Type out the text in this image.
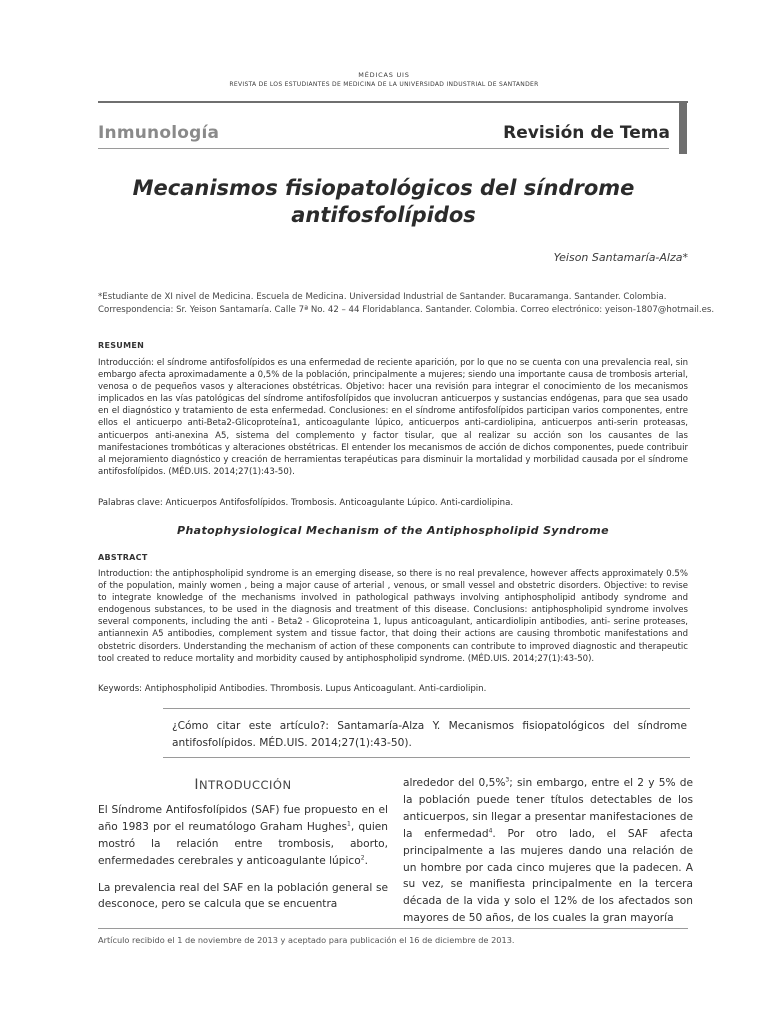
MÉDICAS UIS
REVISTA DE LOS ESTUDIANTES DE MEDICINA DE LA UNIVERSIDAD INDUSTRIAL DE SANTANDER
Inmunología	Revisión de Tema
Mecanismos fisiopatológicos del síndrome antifosfolípidos
Yeison Santamaría-Alza*
*Estudiante de XI nivel de Medicina. Escuela de Medicina. Universidad Industrial de Santander. Bucaramanga. Santander. Colombia.
Correspondencia: Sr. Yeison Santamaría. Calle 7ª No. 42 – 44 Floridablanca. Santander. Colombia. Correo electrónico: yeison-1807@hotmail.es.
RESUMEN
Introducción: el síndrome antifosfolípidos es una enfermedad de reciente aparición, por lo que no se cuenta con una prevalencia real, sin embargo afecta aproximadamente a 0,5% de la población, principalmente a mujeres; siendo una importante causa de trombosis arterial, venosa o de pequeños vasos y alteraciones obstétricas. Objetivo: hacer una revisión para integrar el conocimiento de los mecanismos implicados en las vías patológicas del síndrome antifosfolípidos que involucran anticuerpos y sustancias endógenas, para que sea usado en el diagnóstico y tratamiento de esta enfermedad. Conclusiones: en el síndrome antifosfolípidos participan varios componentes, entre ellos el anticuerpo anti-Beta2-Glicoproteína1, anticoagulante lúpico, anticuerpos anti-cardiolipina, anticuerpos anti-serin proteasas, anticuerpos anti-anexina A5, sistema del complemento y factor tisular, que al realizar su acción son los causantes de las manifestaciones trombóticas y alteraciones obstétricas. El entender los mecanismos de acción de dichos componentes, puede contribuir al mejoramiento diagnóstico y creación de herramientas terapéuticas para disminuir la mortalidad y morbilidad causada por el síndrome antifosfolípidos. (MÉD.UIS. 2014;27(1):43-50).
Palabras clave: Anticuerpos Antifosfolípidos. Trombosis. Anticoagulante Lúpico. Anti-cardiolipina.
Phatophysiological Mechanism of the Antiphospholipid Syndrome
ABSTRACT
Introduction: the antiphospholipid syndrome is an emerging disease, so there is no real prevalence, however affects approximately 0.5% of the population, mainly women , being a major cause of arterial , venous, or small vessel and obstetric disorders. Objective: to revise to integrate knowledge of the mechanisms involved in pathological pathways involving antiphospholipid antibody syndrome and endogenous substances, to be used in the diagnosis and treatment of this disease. Conclusions: antiphospholipid syndrome involves several components, including the anti - Beta2 - Glicoproteina 1, lupus anticoagulant, anticardiolipin antibodies, anti- serine proteases, antiannexin A5 antibodies, complement system and tissue factor, that doing their actions are causing thrombotic manifestations and obstetric disorders. Understanding the mechanism of action of these components can contribute to improved diagnostic and therapeutic tool created to reduce mortality and morbidity caused by antiphospholipid syndrome. (MÉD.UIS. 2014;27(1):43-50).
Keywords: Antiphospholipid Antibodies. Thrombosis. Lupus Anticoagulant. Anti-cardiolipin.
¿Cómo citar este artículo?: Santamaría-Alza Y. Mecanismos fisiopatológicos del síndrome antifosfolípidos. MÉD.UIS. 2014;27(1):43-50).
INTRODUCCIÓN

El Síndrome Antifosfolípidos (SAF) fue propuesto en el año 1983 por el reumatólogo Graham Hughes$^1$, quien mostró la relación entre trombosis, aborto, enfermedades cerebrales y anticoagulante lúpico$^2$.

La prevalencia real del SAF en la población general se desconoce, pero se calcula que se encuentra

alrededor del 0,5%$^3$; sin embargo, entre el 2 y 5% de la población puede tener títulos detectables de los anticuerpos, sin llegar a presentar manifestaciones de la enfermedad$^4$. Por otro lado, el SAF afecta principalmente a las mujeres dando una relación de un hombre por cada cinco mujeres que la padecen. A su vez, se manifiesta principalmente en la tercera década de la vida y solo el 12% de los afectados son mayores de 50 años, de los cuales la gran mayoría

Artículo recibido el 1 de noviembre de 2013 y aceptado para publicación el 16 de diciembre de 2013.
